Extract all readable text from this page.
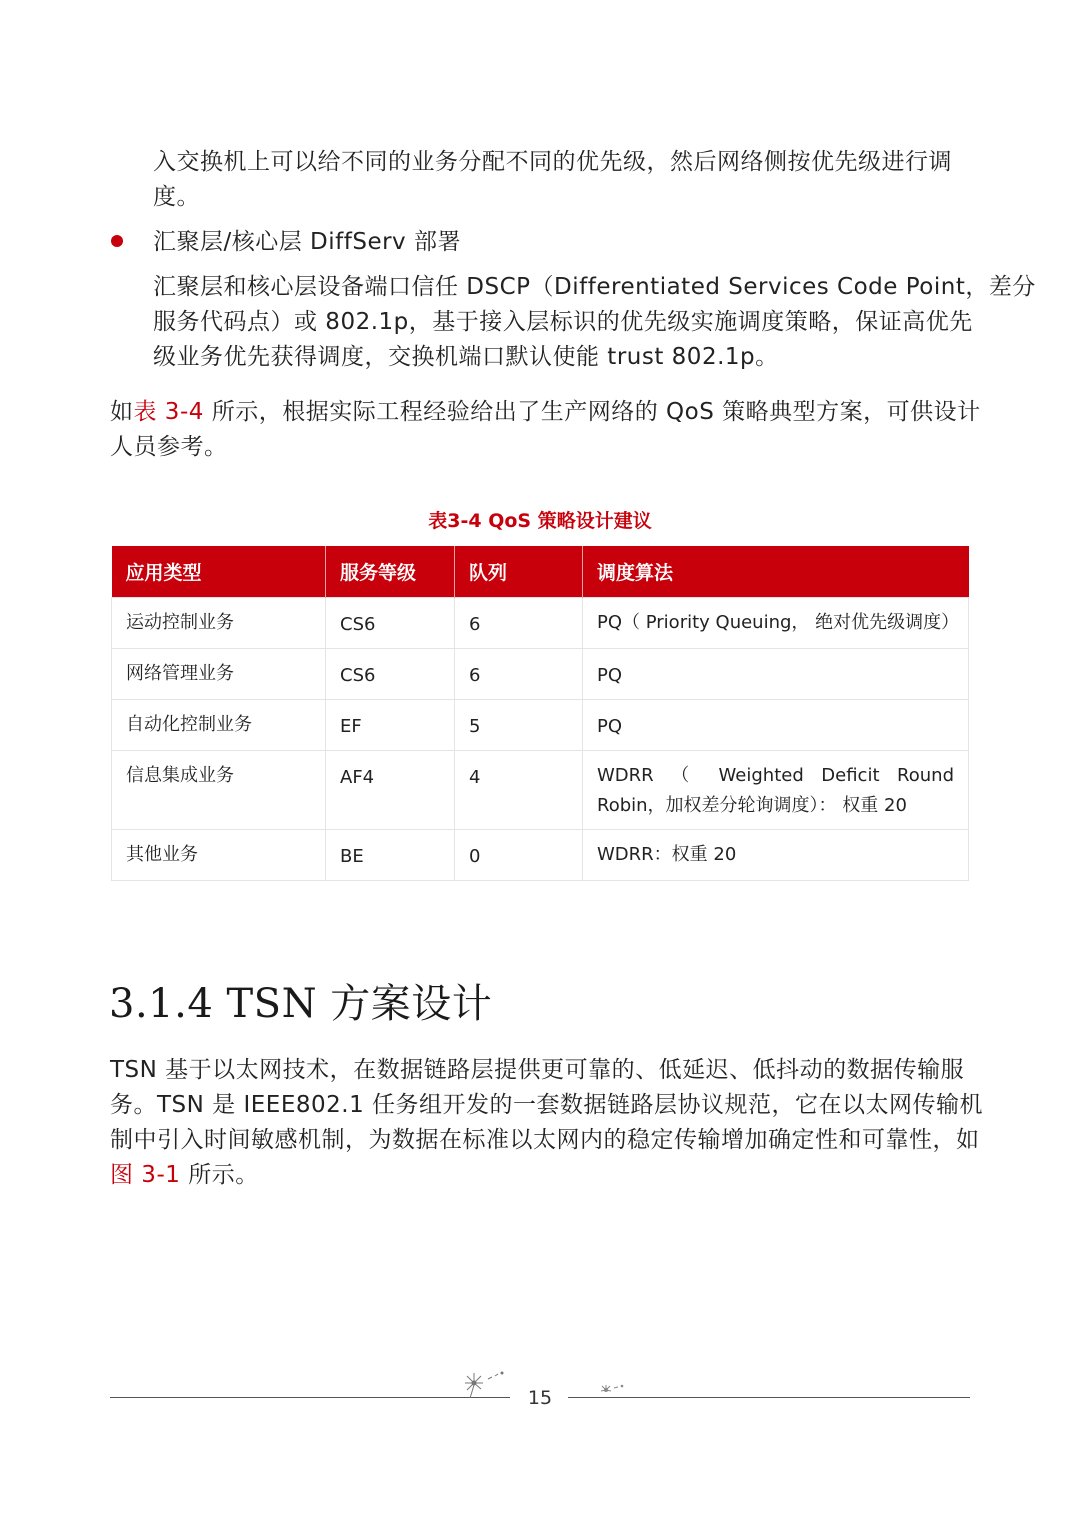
入交换机上可以给不同的业务分配不同的优先级，然后网络侧按优先级进行调
度。

汇聚层/核心层 DiffServ 部署

汇聚层和核心层设备端口信任 DSCP（Differentiated Services Code Point，差分
服务代码点）或 802.1p，基于接入层标识的优先级实施调度策略，保证高优先
级业务优先获得调度，交换机端口默认使能 trust 802.1p。

如表 3-4 所示，根据实际工程经验给出了生产网络的 QoS 策略典型方案，可供设计
人员参考。

表3-4 QoS 策略设计建议
应用类型	服务等级	队列	调度算法
运动控制业务	CS6	6	PQ（ Priority Queuing， 绝对优先级调度）
网络管理业务	CS6	6	PQ
自动化控制业务	EF	5	PQ
信息集成业务	AF4	4	WDRR （ Weighted Deficit Round Robin，加权差分轮询调度）： 权重 20
其他业务	BE	0	WDRR：权重 20
3.1.4 TSN 方案设计

TSN 基于以太网技术，在数据链路层提供更可靠的、低延迟、低抖动的数据传输服
务。TSN 是 IEEE802.1 任务组开发的一套数据链路层协议规范，它在以太网传输机
制中引入时间敏感机制，为数据在标准以太网内的稳定传输增加确定性和可靠性，如
图 3-1 所示。

15
